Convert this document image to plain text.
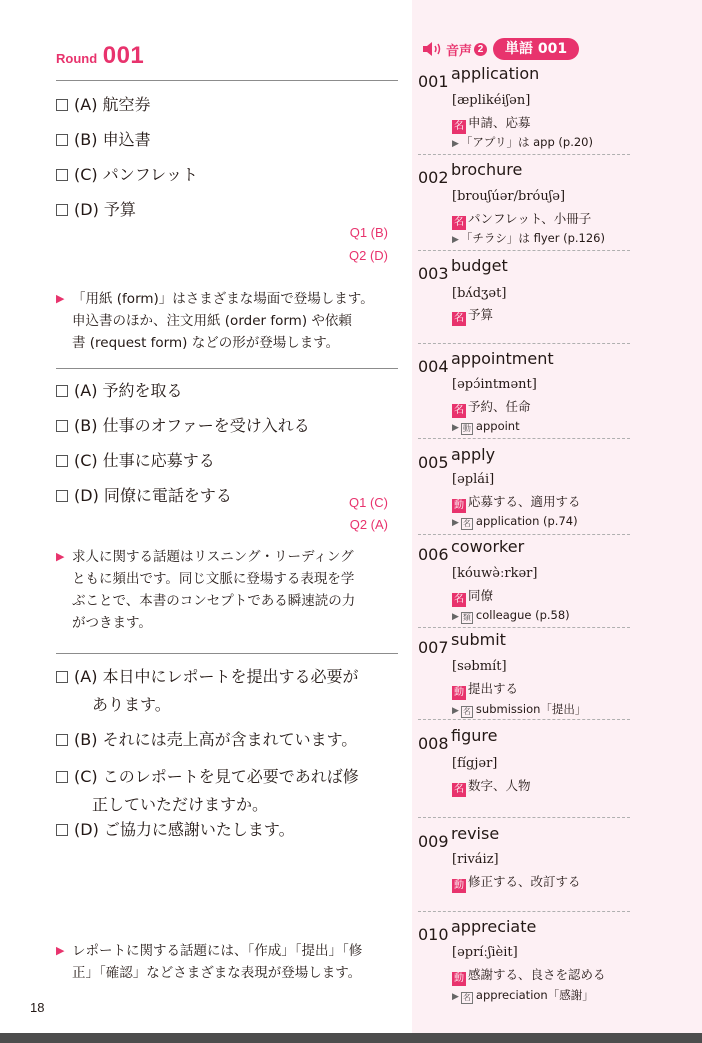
Round 001
(A) 航空券
(B) 申込書
(C) パンフレット
(D) 予算
Q1 (B)
Q2 (D)
▶ 「用紙 (form)」はさまざまな場面で登場します。
申込書のほか、注文用紙 (order form) や依頼
書 (request form) などの形が登場します。
(A) 予約を取る
(B) 仕事のオファーを受け入れる
(C) 仕事に応募する
(D) 同僚に電話をする	Q1 (C)
Q2 (A)
▶ 求人に関する話題はリスニング・リーディング
ともに頻出です。同じ文脈に登場する表現を学
ぶことで、本書のコンセプトである瞬速読の力
がつきます。
(A) 本日中にレポートを提出する必要が
あります。
(B) それには売上高が含まれています。
(C) このレポートを見て必要であれば修
正していただけますか。
(D) ご協力に感謝いたします。
▶ レポートに関する話題には、「作成」「提出」「修
正」「確認」などさまざまな表現が登場します。
18
音声 2	単語 001
001 application
[æplikéiʃən]
名 申請、応募
▶ 「アプリ」は app (p.20)
002 brochure
[brouʃúər/bróuʃə]
名 パンフレット、小冊子
▶ 「チラシ」は flyer (p.126)
003 budget
[bʌ́dʒət]
名 予算
004 appointment
[əpɔ́intmənt]
名 予約、任命
▶ 動 appoint
005 apply
[əplái]
動 応募する、適用する
▶ 名 application (p.74)
006 coworker
[kóuwə̀ːrkər]
名 同僚
▶ 類 colleague (p.58)
007 submit
[səbmít]
動 提出する
▶ 名 submission「提出」
008 figure
[fígjər]
名 数字、人物
009 revise
[riváiz]
動 修正する、改訂する
010 appreciate
[əpríːʃièit]
動 感謝する、良さを認める
▶ 名 appreciation「感謝」
